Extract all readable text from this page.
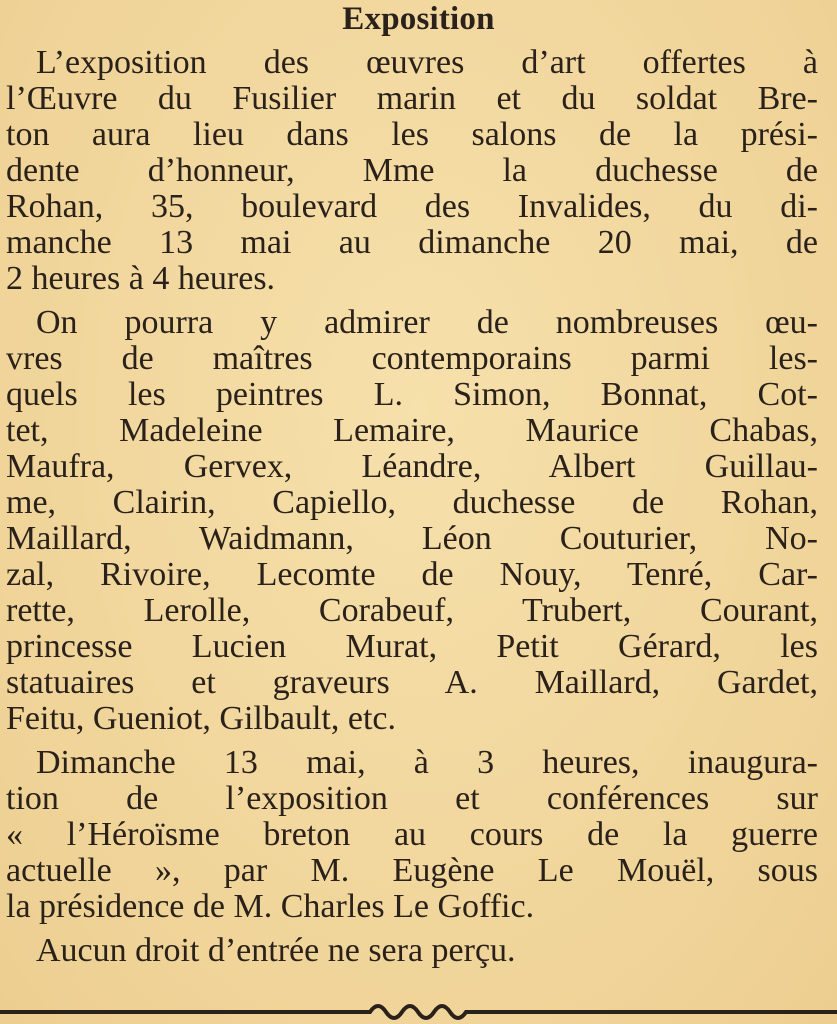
Exposition
L’exposition des œuvres d’art offertes à
l’Œuvre du Fusilier marin et du soldat Bre-
ton aura lieu dans les salons de la prési-
dente d’honneur, Mme la duchesse de
Rohan, 35, boulevard des Invalides, du di-
manche 13 mai au dimanche 20 mai, de
2 heures à 4 heures.
On pourra y admirer de nombreuses œu-
vres de maîtres contemporains parmi les-
quels les peintres L. Simon, Bonnat, Cot-
tet, Madeleine Lemaire, Maurice Chabas,
Maufra, Gervex, Léandre, Albert Guillau-
me, Clairin, Capiello, duchesse de Rohan,
Maillard, Waidmann, Léon Couturier, No-
zal, Rivoire, Lecomte de Nouy, Tenré, Car-
rette, Lerolle, Corabeuf, Trubert, Courant,
princesse Lucien Murat, Petit Gérard, les
statuaires et graveurs A. Maillard, Gardet,
Feitu, Gueniot, Gilbault, etc.
Dimanche 13 mai, à 3 heures, inaugura-
tion de l’exposition et conférences sur
« l’Héroïsme breton au cours de la guerre
actuelle », par M. Eugène Le Mouël, sous
la présidence de M. Charles Le Goffic.
Aucun droit d’entrée ne sera perçu.
